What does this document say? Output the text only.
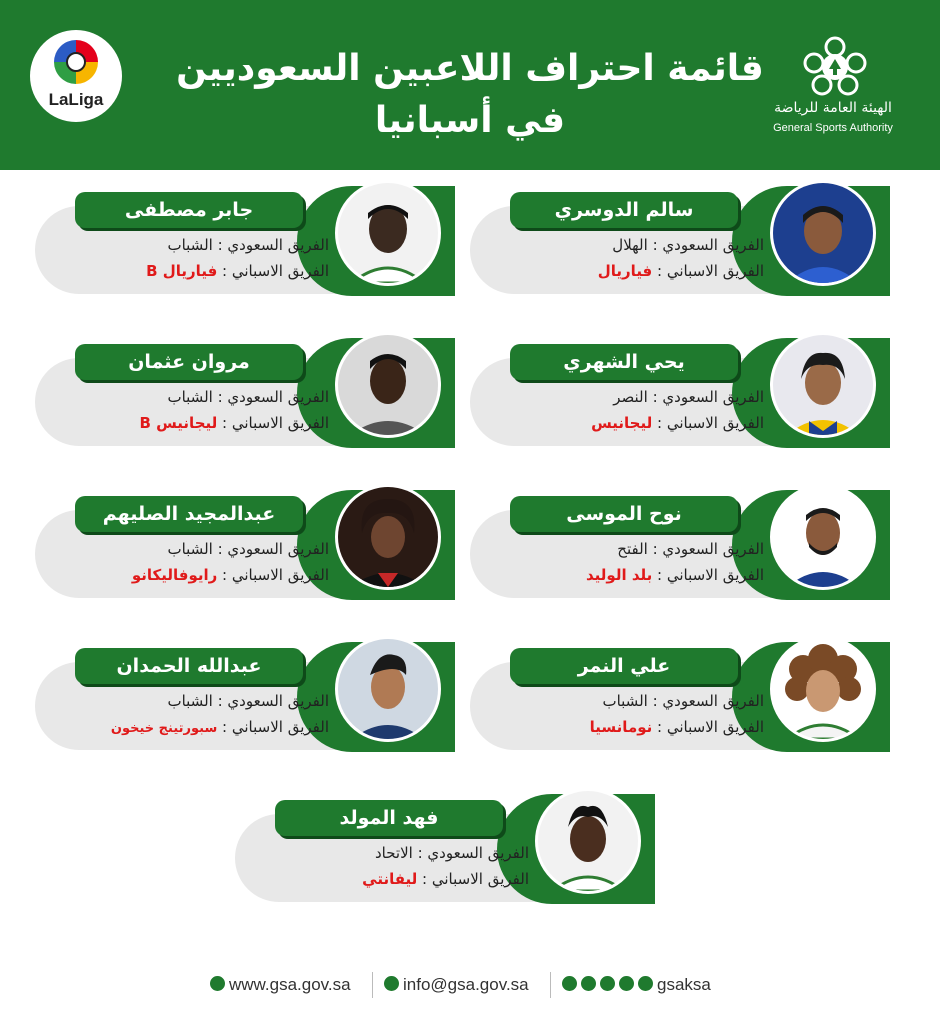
LaLiga
قائمة احتراف اللاعبين السعوديين
في أسبانيا	الهيئة العامة للرياضة
General Sports Authority
سالم الدوسري
الفريق السعودي : الهلال
الفريق الاسباني : فياريال
جابر مصطفى
الفريق السعودي : الشباب
الفريق الاسباني : فياريال B
يحي الشهري
الفريق السعودي : النصر
الفريق الاسباني : ليجانيس
مروان عثمان
الفريق السعودي : الشباب
الفريق الاسباني : ليجانيس B
نوح الموسى
الفريق السعودي : الفتح
الفريق الاسباني : بلد الوليد
عبدالمجيد الصليهم
الفريق السعودي : الشباب
الفريق الاسباني : رايوفاليكانو
علي النمر
الفريق السعودي : الشباب
الفريق الاسباني : نومانسيا
عبدالله الحمدان
الفريق السعودي : الشباب
الفريق الاسباني : سبورتينج خيخون
فهد المولد
الفريق السعودي : الاتحاد
الفريق الاسباني : ليفانتي
www.gsa.gov.sa	info@gsa.gov.sa	gsaksa
